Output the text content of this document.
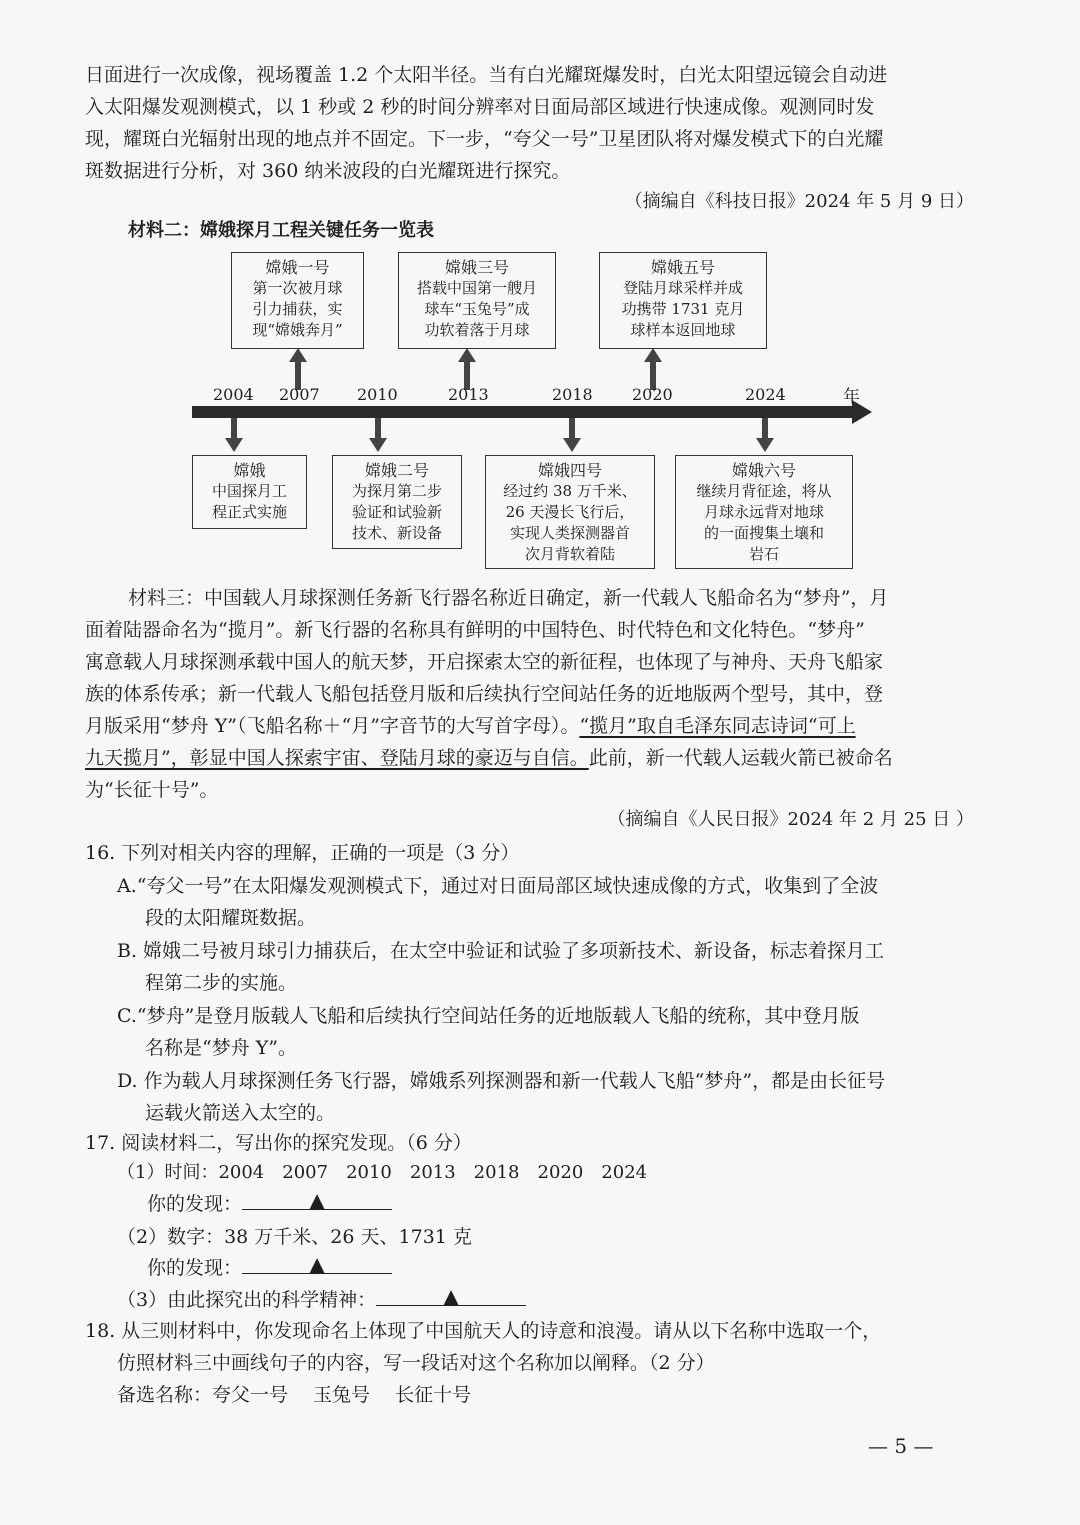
日面进行一次成像，视场覆盖 1.2 个太阳半径。当有白光耀斑爆发时，白光太阳望远镜会自动进
入太阳爆发观测模式，以 1 秒或 2 秒的时间分辨率对日面局部区域进行快速成像。观测同时发
现，耀斑白光辐射出现的地点并不固定。下一步，“夸父一号”卫星团队将对爆发模式下的白光耀
斑数据进行分析，对 360 纳米波段的白光耀斑进行探究。
（摘编自《科技日报》2024 年 5 月 9 日）
材料二：嫦娥探月工程关键任务一览表
2004 2007 2010	2013	2018 2020	2024	年
嫦娥一号
第一次被月球
引力捕获，实
现“嫦娥奔月”
嫦娥三号
搭载中国第一艘月
球车“玉兔号”成
功软着落于月球
嫦娥五号
登陆月球采样并成
功携带 1731 克月
球样本返回地球
嫦娥
中国探月工
程正式实施
嫦娥二号
为探月第二步
验证和试验新
技术、新设备
嫦娥四号
经过约 38 万千米、
26 天漫长飞行后，
实现人类探测器首
次月背软着陆
嫦娥六号
继续月背征途，将从
月球永远背对地球
的一面搜集土壤和
岩石
材料三：中国载人月球探测任务新飞行器名称近日确定，新一代载人飞船命名为“梦舟”，月
面着陆器命名为“揽月”。新飞行器的名称具有鲜明的中国特色、时代特色和文化特色。“梦舟”
寓意载人月球探测承载中国人的航天梦，开启探索太空的新征程，也体现了与神舟、天舟飞船家
族的体系传承；新一代载人飞船包括登月版和后续执行空间站任务的近地版两个型号，其中，登
月版采用“梦舟 Y”（飞船名称＋“月”字音节的大写首字母）。“揽月”取自毛泽东同志诗词“可上
九天揽月”，彰显中国人探索宇宙、登陆月球的豪迈与自信。此前，新一代载人运载火箭已被命名
为“长征十号”。
（摘编自《人民日报》2024 年 2 月 25 日 ）
16. 下列对相关内容的理解，正确的一项是（3 分）
A.“夸父一号”在太阳爆发观测模式下，通过对日面局部区域快速成像的方式，收集到了全波
段的太阳耀斑数据。
B. 嫦娥二号被月球引力捕获后，在太空中验证和试验了多项新技术、新设备，标志着探月工
程第二步的实施。
C.“梦舟”是登月版载人飞船和后续执行空间站任务的近地版载人飞船的统称，其中登月版
名称是“梦舟 Y”。
D. 作为载人月球探测任务飞行器，嫦娥系列探测器和新一代载人飞船“梦舟”，都是由长征号
运载火箭送入太空的。
17. 阅读材料二，写出你的探究发现。（6 分）
（1）时间：2004　2007　2010　2013　2018　2020　2024
你的发现：	▲
（2）数字：38 万千米、26 天、1731 克
你的发现：	▲
（3）由此探究出的科学精神：	▲
18. 从三则材料中，你发现命名上体现了中国航天人的诗意和浪漫。请从以下名称中选取一个，
仿照材料三中画线句子的内容，写一段话对这个名称加以阐释。（2 分）
备选名称：夸父一号　 玉兔号　 长征十号
— 5 —
